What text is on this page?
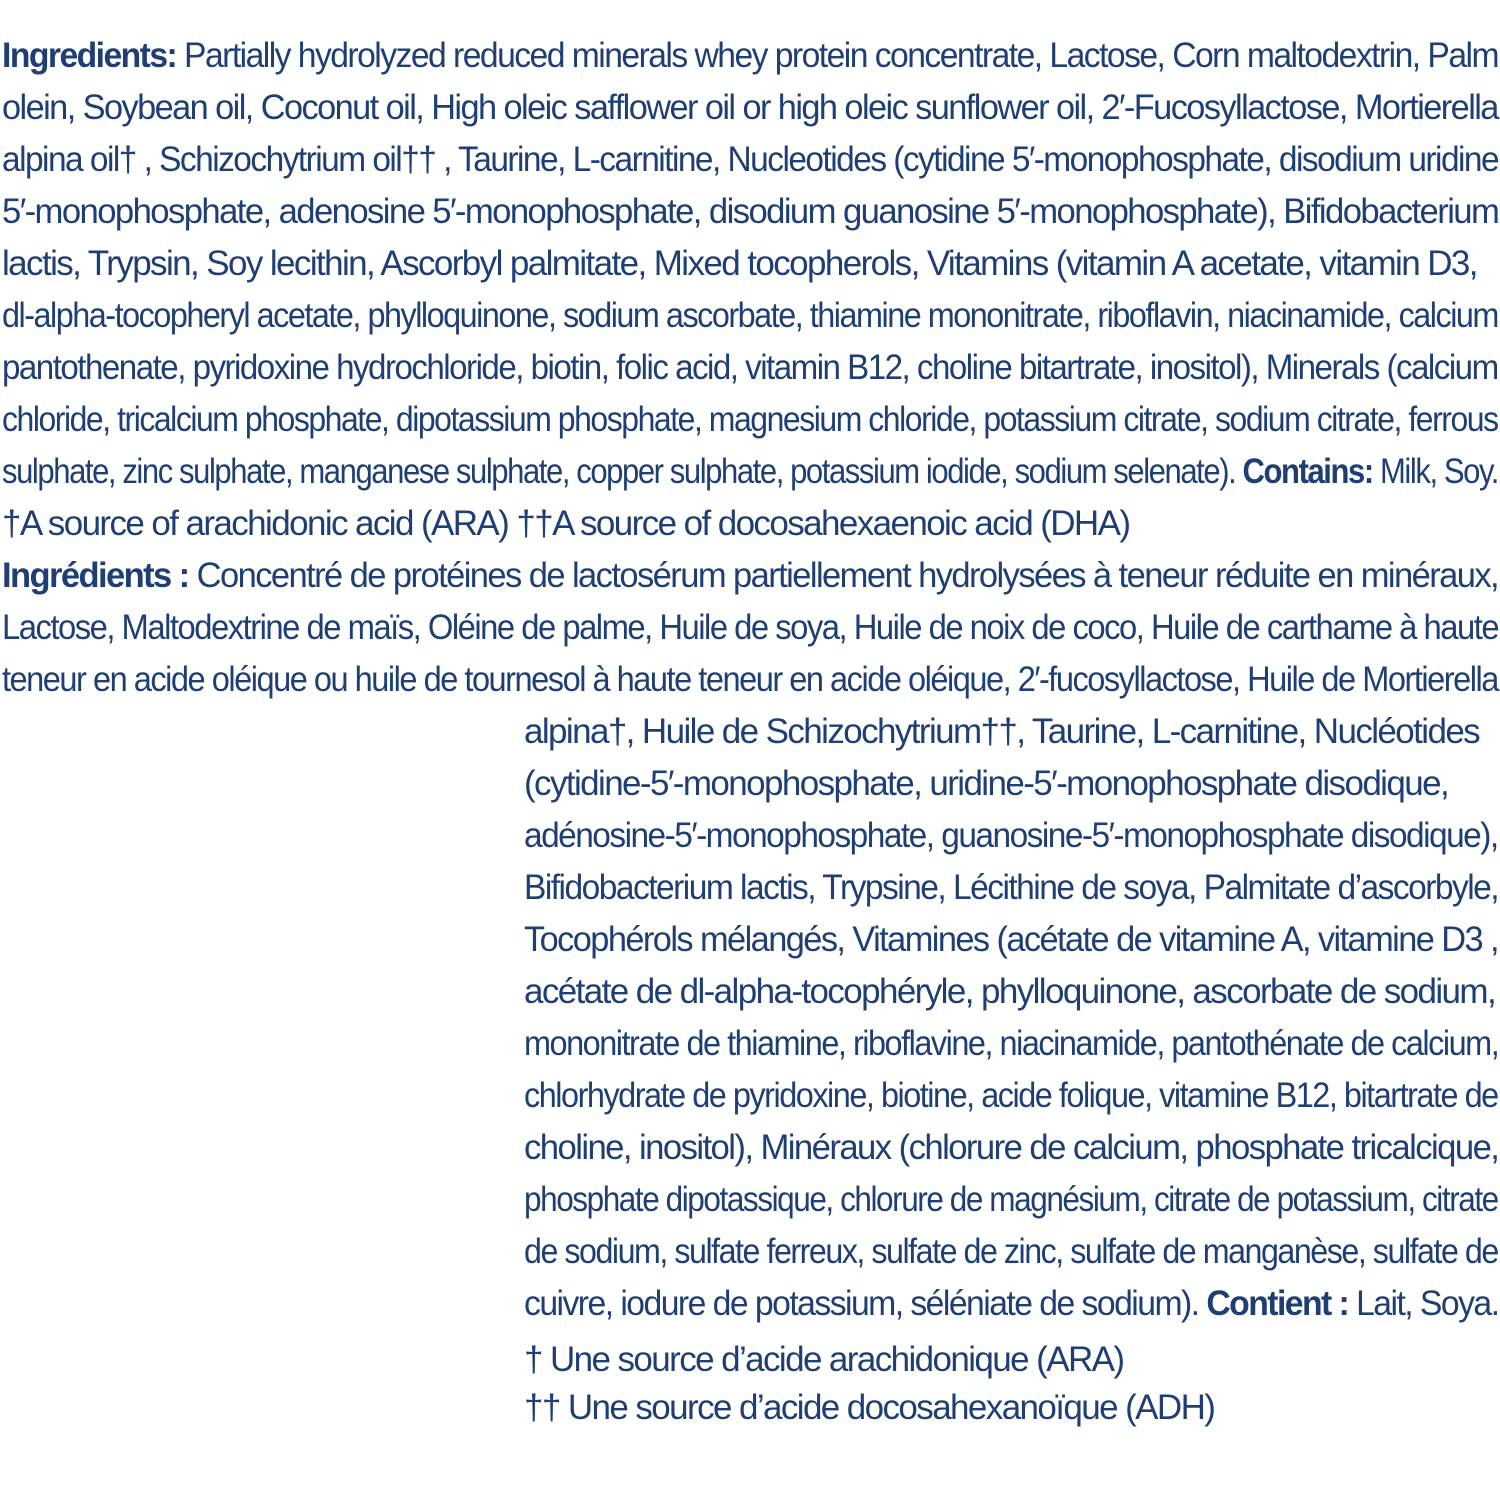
Ingredients: Partially hydrolyzed reduced minerals whey protein concentrate, Lactose, Corn maltodextrin, Palm
olein, Soybean oil, Coconut oil, High oleic safflower oil or high oleic sunflower oil, 2′-Fucosyllactose, Mortierella
alpina oil† , Schizochytrium oil†† , Taurine, L-carnitine, Nucleotides (cytidine 5′-monophosphate, disodium uridine
5′-monophosphate, adenosine 5′-monophosphate, disodium guanosine 5′-monophosphate), Bifidobacterium
lactis, Trypsin, Soy lecithin, Ascorbyl palmitate, Mixed tocopherols, Vitamins (vitamin A acetate, vitamin D3,
dl-alpha-tocopheryl acetate, phylloquinone, sodium ascorbate, thiamine mononitrate, riboflavin, niacinamide, calcium
pantothenate, pyridoxine hydrochloride, biotin, folic acid, vitamin B12, choline bitartrate, inositol), Minerals (calcium
chloride, tricalcium phosphate, dipotassium phosphate, magnesium chloride, potassium citrate, sodium citrate, ferrous
sulphate, zinc sulphate, manganese sulphate, copper sulphate, potassium iodide, sodium selenate). Contains: Milk, Soy.
†A source of arachidonic acid (ARA) ††A source of docosahexaenoic acid (DHA)
Ingrédients : Concentré de protéines de lactosérum partiellement hydrolysées à teneur réduite en minéraux,
Lactose, Maltodextrine de maïs, Oléine de palme, Huile de soya, Huile de noix de coco, Huile de carthame à haute
teneur en acide oléique ou huile de tournesol à haute teneur en acide oléique, 2′-fucosyllactose, Huile de Mortierella
alpina†, Huile de Schizochytrium††, Taurine, L-carnitine, Nucléotides
(cytidine-5′-monophosphate, uridine-5′-monophosphate disodique,
adénosine-5′-monophosphate, guanosine-5′-monophosphate disodique),
Bifidobacterium lactis, Trypsine, Lécithine de soya, Palmitate d’ascorbyle,
Tocophérols mélangés, Vitamines (acétate de vitamine A, vitamine D3 ,
acétate de dl-alpha-tocophéryle, phylloquinone, ascorbate de sodium,
mononitrate de thiamine, riboflavine, niacinamide, pantothénate de calcium,
chlorhydrate de pyridoxine, biotine, acide folique, vitamine B12, bitartrate de
choline, inositol), Minéraux (chlorure de calcium, phosphate tricalcique,
phosphate dipotassique, chlorure de magnésium, citrate de potassium, citrate
de sodium, sulfate ferreux, sulfate de zinc, sulfate de manganèse, sulfate de
cuivre, iodure de potassium, séléniate de sodium). Contient : Lait, Soya.
† Une source d’acide arachidonique (ARA)
†† Une source d’acide docosahexanoïque (ADH)
